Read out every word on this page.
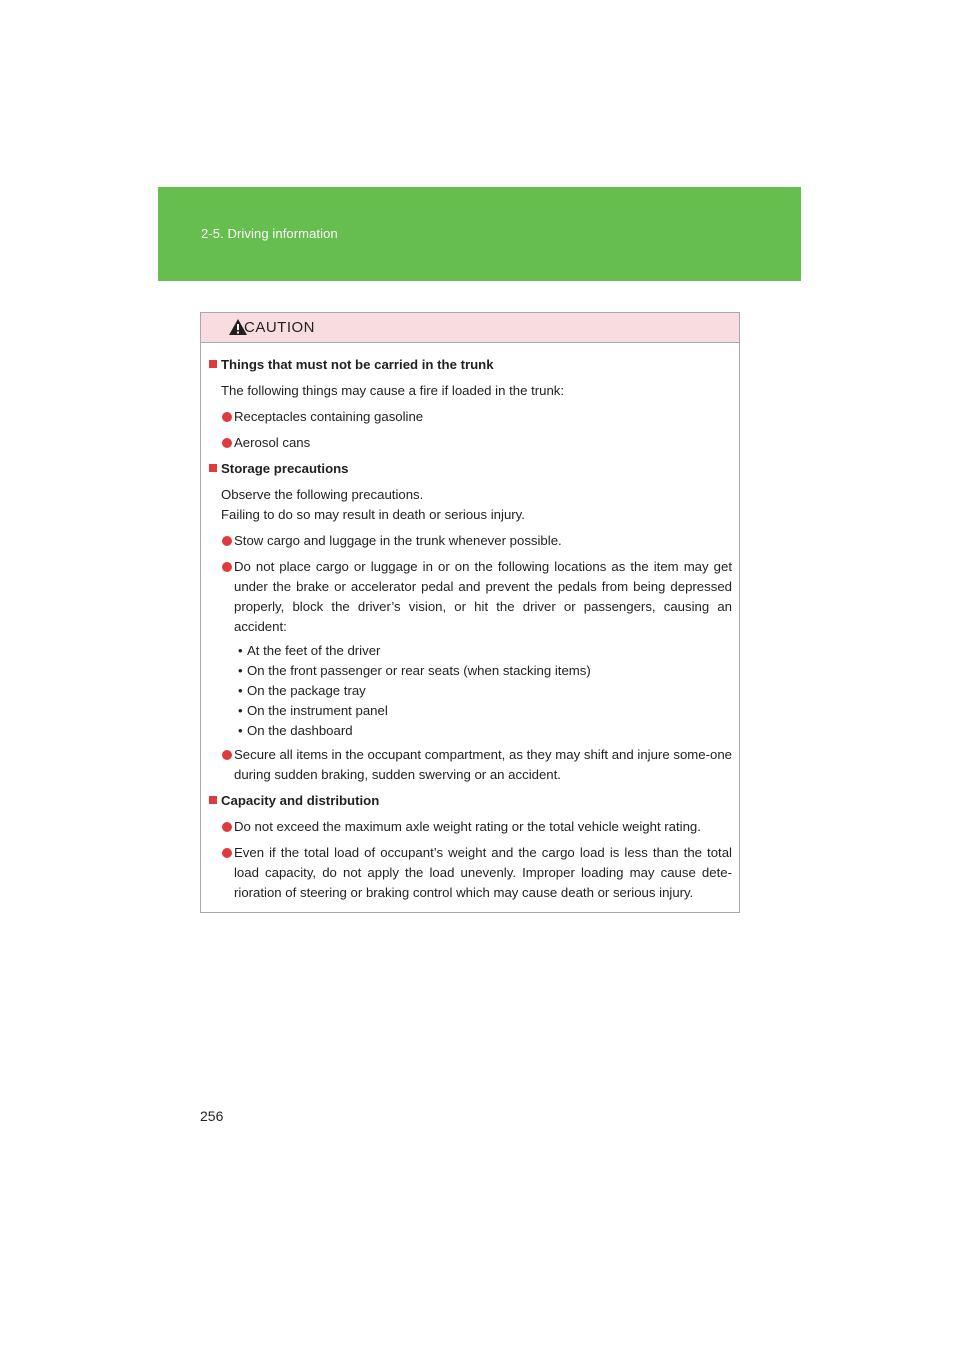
2-5. Driving information
CAUTION
Things that must not be carried in the trunk
The following things may cause a fire if loaded in the trunk:
Receptacles containing gasoline
Aerosol cans
Storage precautions
Observe the following precautions.
Failing to do so may result in death or serious injury.
Stow cargo and luggage in the trunk whenever possible.
Do not place cargo or luggage in or on the following locations as the item may get under the brake or accelerator pedal and prevent the pedals from being depressed properly, block the driver’s vision, or hit the driver or passengers, causing an accident:
• At the feet of the driver
• On the front passenger or rear seats (when stacking items)
• On the package tray
• On the instrument panel
• On the dashboard
Secure all items in the occupant compartment, as they may shift and injure some-one during sudden braking, sudden swerving or an accident.
Capacity and distribution
Do not exceed the maximum axle weight rating or the total vehicle weight rating.
Even if the total load of occupant’s weight and the cargo load is less than the total load capacity, do not apply the load unevenly. Improper loading may cause dete-rioration of steering or braking control which may cause death or serious injury.
256
